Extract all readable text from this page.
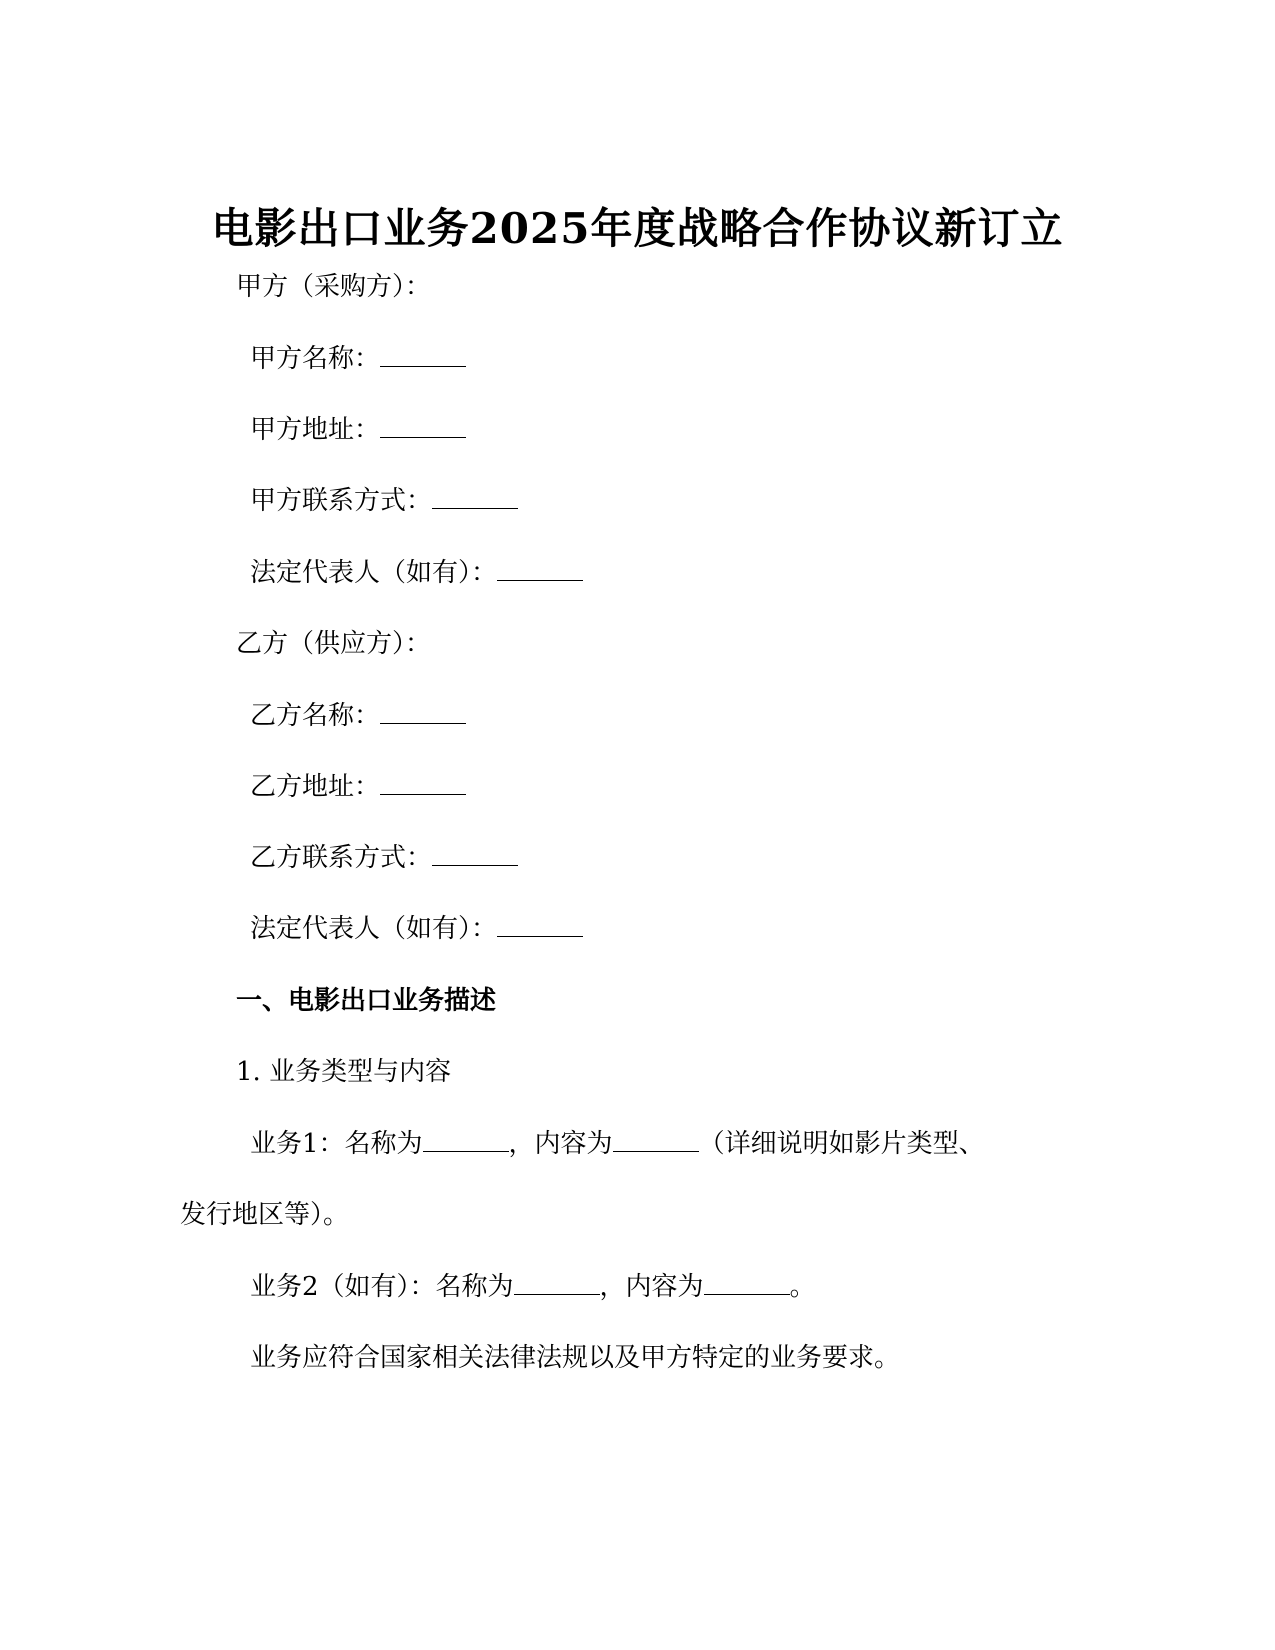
电影出口业务2025年度战略合作协议新订立
甲方（采购方）：
甲方名称：
甲方地址：
甲方联系方式：
法定代表人（如有）：
乙方（供应方）：
乙方名称：
乙方地址：
乙方联系方式：
法定代表人（如有）：
一、电影出口业务描述
1. 业务类型与内容
业务1：名称为	，内容为	（详细说明如影片类型、
发行地区等）。
业务2（如有）：名称为	，内容为	。
业务应符合国家相关法律法规以及甲方特定的业务要求。
